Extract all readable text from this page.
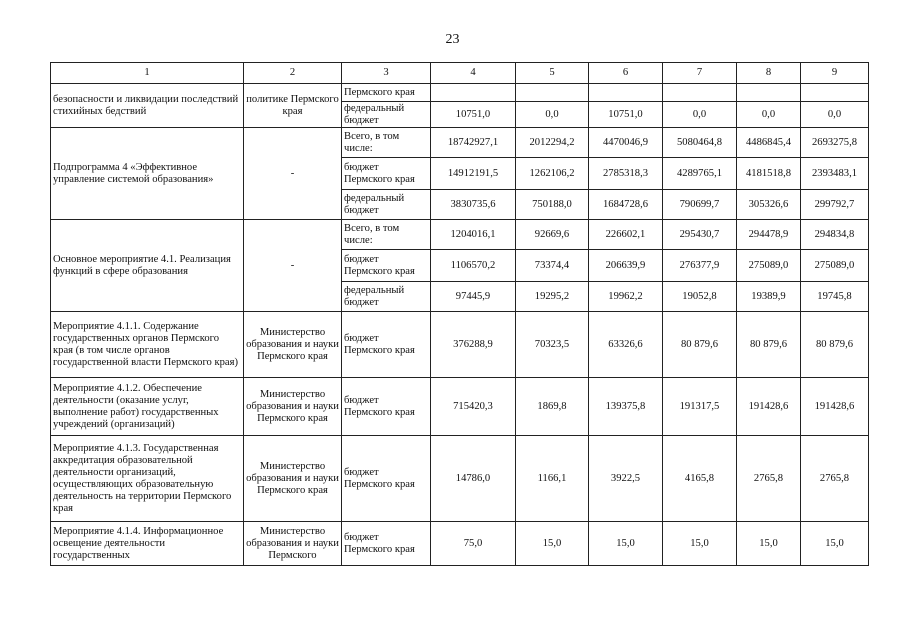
23
1	2	3	4	5	6	7	8	9
безопасности и ликвидации последствий стихийных бедствий	политике Пермского края	Пермского края						
		федеральный бюджет	10751,0	0,0	10751,0	0,0	0,0	0,0
Подпрограмма 4 «Эффективное управление системой образования»	-	Всего, в том числе:	18742927,1	2012294,2	4470046,9	5080464,8	4486845,4	2693275,8
		бюджет Пермского края	14912191,5	1262106,2	2785318,3	4289765,1	4181518,8	2393483,1
		федеральный бюджет	3830735,6	750188,0	1684728,6	790699,7	305326,6	299792,7
Основное мероприятие 4.1. Реализация функций в сфере образования	-	Всего, в том числе:	1204016,1	92669,6	226602,1	295430,7	294478,9	294834,8
		бюджет Пермского края	1106570,2	73374,4	206639,9	276377,9	275089,0	275089,0
		федеральный бюджет	97445,9	19295,2	19962,2	19052,8	19389,9	19745,8
Мероприятие 4.1.1. Содержание государственных органов Пермского края (в том числе органов государственной власти Пермского края)	Министерство образования и науки Пермского края	бюджет Пермского края	376288,9	70323,5	63326,6	80 879,6	80 879,6	80 879,6
Мероприятие 4.1.2. Обеспечение деятельности (оказание услуг, выполнение работ) государственных учреждений (организаций)	Министерство образования и науки Пермского края	бюджет Пермского края	715420,3	1869,8	139375,8	191317,5	191428,6	191428,6
Мероприятие 4.1.3. Государственная аккредитация образовательной деятельности организаций, осуществляющих образовательную деятельность на территории Пермского края	Министерство образования и науки Пермского края	бюджет Пермского края	14786,0	1166,1	3922,5	4165,8	2765,8	2765,8
Мероприятие 4.1.4. Информационное освещение деятельности государственных	Министерство образования и науки Пермского	бюджет Пермского края	75,0	15,0	15,0	15,0	15,0	15,0
